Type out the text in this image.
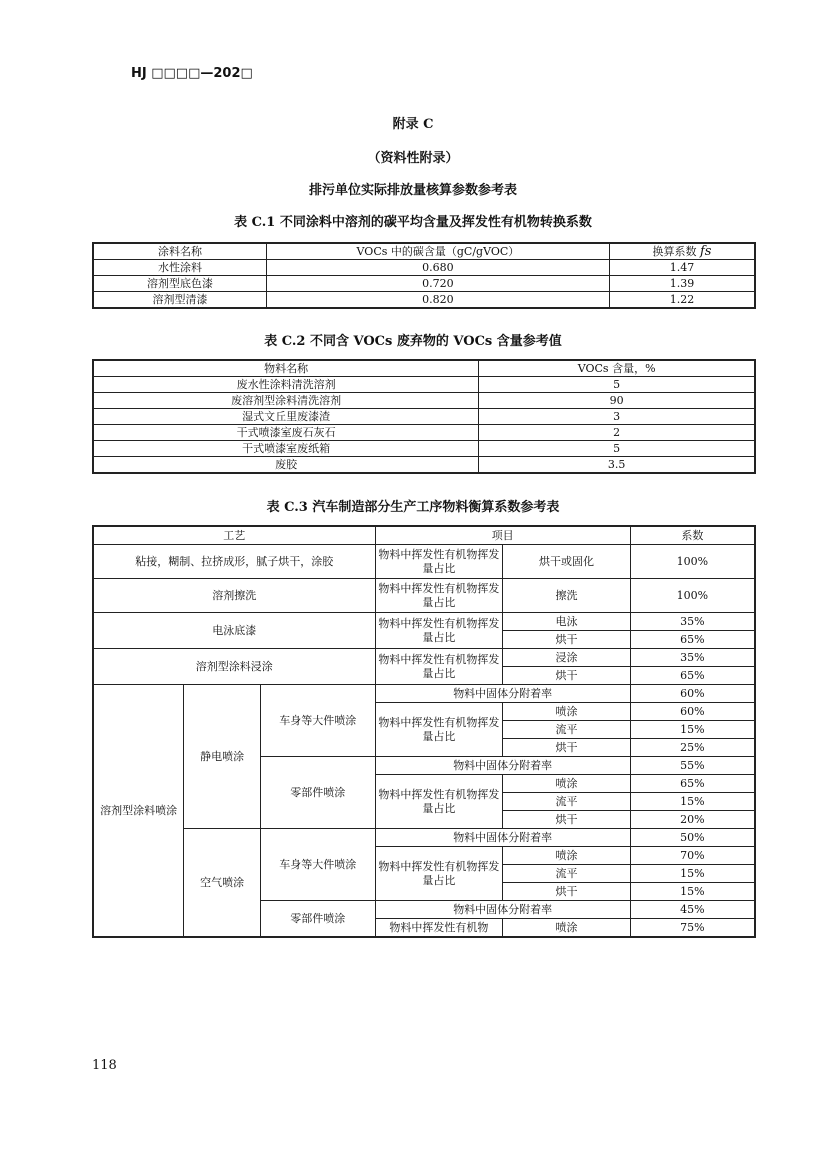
HJ □□□□—202□
附录 C
（资料性附录）
排污单位实际排放量核算参数参考表
表 C.1 不同涂料中溶剂的碳平均含量及挥发性有机物转换系数
涂料名称	VOCs 中的碳含量（gC/gVOC）	换算系数 fs
水性涂料	0.680	1.47
溶剂型底色漆	0.720	1.39
溶剂型清漆	0.820	1.22
表 C.2 不同含 VOCs 废弃物的 VOCs 含量参考值
物料名称	VOCs 含量，%
废水性涂料清洗溶剂	5
废溶剂型涂料清洗溶剂	90
湿式文丘里废漆渣	3
干式喷漆室废石灰石	2
干式喷漆室废纸箱	5
废胶	3.5
表 C.3 汽车制造部分生产工序物料衡算系数参考表
工艺			项目		系数
粘接，糊制、拉挤成形，腻子烘干，涂胶			物料中挥发性有机物挥发量占比	烘干或固化	100%
溶剂擦洗			物料中挥发性有机物挥发量占比	擦洗	100%
电泳底漆			物料中挥发性有机物挥发量占比	电泳	35%
				烘干	65%
溶剂型涂料浸涂			物料中挥发性有机物挥发量占比	浸涂	35%
				烘干	65%
溶剂型涂料喷涂	静电喷涂	车身等大件喷涂	物料中固体分附着率		60%
			物料中挥发性有机物挥发量占比	喷涂	60%
				流平	15%
				烘干	25%
		零部件喷涂	物料中固体分附着率		55%
			物料中挥发性有机物挥发量占比	喷涂	65%
				流平	15%
				烘干	20%
	空气喷涂	车身等大件喷涂	物料中固体分附着率		50%
			物料中挥发性有机物挥发量占比	喷涂	70%
				流平	15%
				烘干	15%
		零部件喷涂	物料中固体分附着率		45%
			物料中挥发性有机物	喷涂	75%
118
